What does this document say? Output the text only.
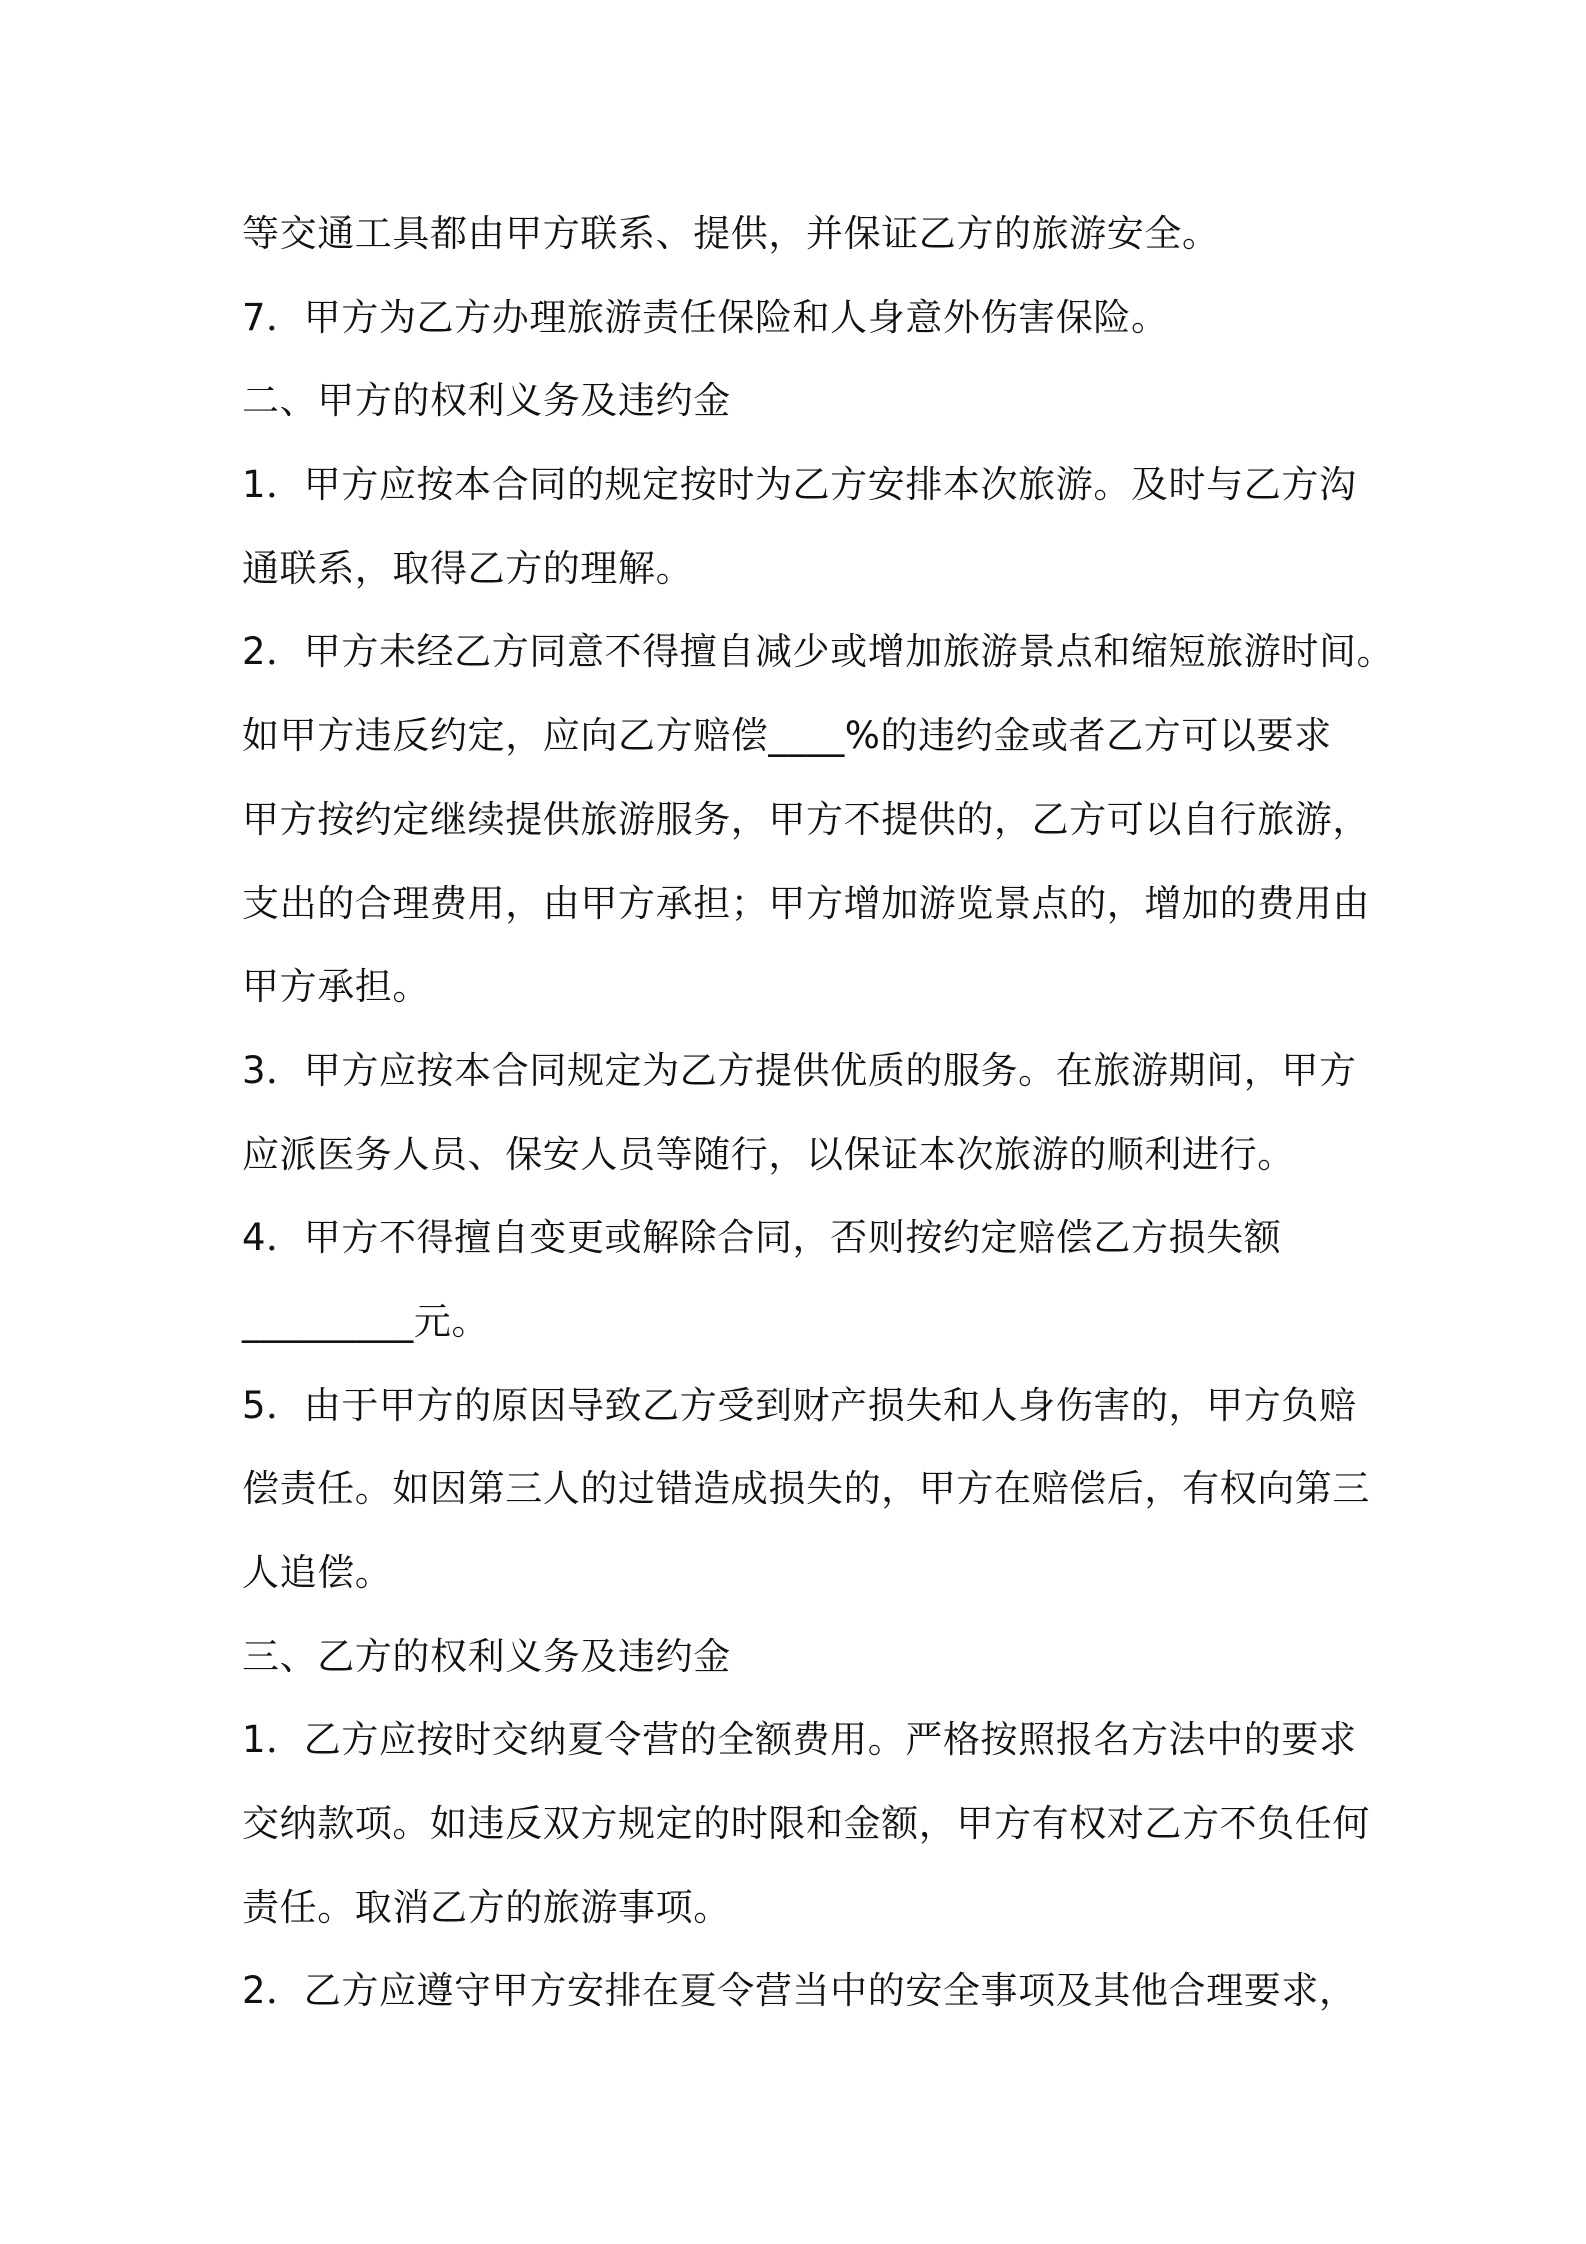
等交通工具都由甲方联系、提供，并保证乙方的旅游安全。
7．甲方为乙方办理旅游责任保险和人身意外伤害保险。
二、甲方的权利义务及违约金
1．甲方应按本合同的规定按时为乙方安排本次旅游。及时与乙方沟
通联系，取得乙方的理解。
2．甲方未经乙方同意不得擅自减少或增加旅游景点和缩短旅游时间。
如甲方违反约定，应向乙方赔偿____%的违约金或者乙方可以要求
甲方按约定继续提供旅游服务，甲方不提供的，乙方可以自行旅游，
支出的合理费用，由甲方承担；甲方增加游览景点的，增加的费用由
甲方承担。
3．甲方应按本合同规定为乙方提供优质的服务。在旅游期间，甲方
应派医务人员、保安人员等随行，以保证本次旅游的顺利进行。
4．甲方不得擅自变更或解除合同，否则按约定赔偿乙方损失额
_________元。
5．由于甲方的原因导致乙方受到财产损失和人身伤害的，甲方负赔
偿责任。如因第三人的过错造成损失的，甲方在赔偿后，有权向第三
人追偿。
三、乙方的权利义务及违约金
1．乙方应按时交纳夏令营的全额费用。严格按照报名方法中的要求
交纳款项。如违反双方规定的时限和金额，甲方有权对乙方不负任何
责任。取消乙方的旅游事项。
2．乙方应遵守甲方安排在夏令营当中的安全事项及其他合理要求，
